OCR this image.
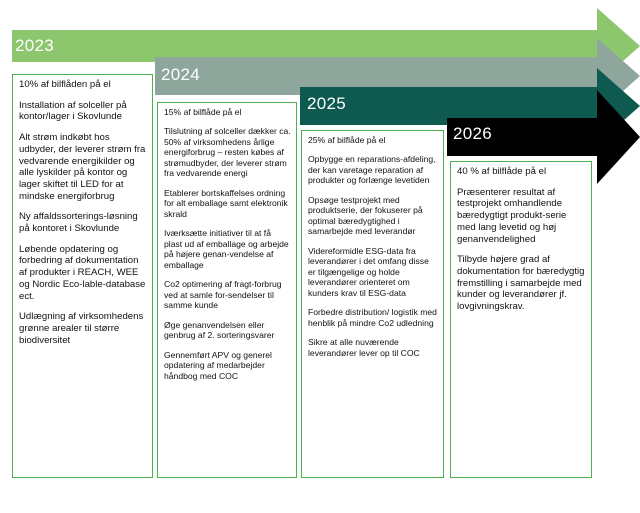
2023
2024
2025
2026

10% af bilflåden på el

Installation af solceller på kontor/lager i Skovlunde

Alt strøm indkøbt hos udbyder, der leverer strøm fra vedvarende energikilder og alle lyskilder på kontor og lager skiftet til LED for at mindske energiforbrug

Ny affaldssorterings-løsning på kontoret i Skovlunde

Løbende opdatering og forbedring af dokumentation af produkter i REACH, WEE og Nordic Eco-lable-database ect.

Udlægning af virksomhedens grønne arealer til større biodiversitet

15% af bilflåde på el

Tilslutning af solceller dækker ca. 50% af virksomhedens årlige energiforbrug – resten købes af strømudbyder, der leverer strøm fra vedvarende energi

Etablerer bortskaffelses ordning for alt emballage samt elektronik skrald

Iværksætte initiativer til at få plast ud af emballage og arbejde på højere genan-vendelse af emballage

Co2 optimering af fragt-forbrug ved at samle for-sendelser til samme kunde

Øge genanvendelsen eller genbrug af 2. sorteringsvarer

Gennemført APV og generel opdatering af medarbejder håndbog med COC

25% af bilflåde på el

Opbygge en reparations-afdeling, der kan varetage reparation af produkter og forlænge levetiden

Opsøge testprojekt med produktserie, der fokuserer på optimal bæredygtighed i samarbejde med leverandør

Videreformidle ESG-data fra leverandører i det omfang disse er tilgængelige og holde leverandører orienteret om kunders krav til ESG-data

Forbedre distribution/ logistik med henblik på mindre Co2 udledning

Sikre at alle nuværende leverandører lever op til COC

40 % af bilflåde på el

Præsenterer resultat af testprojekt omhandlende bæredygtigt produkt-serie med lang levetid og høj genanvendelighed

Tilbyde højere grad af dokumentation for bæredygtig fremstilling i samarbejde med kunder og leverandører jf. lovgivningskrav.
